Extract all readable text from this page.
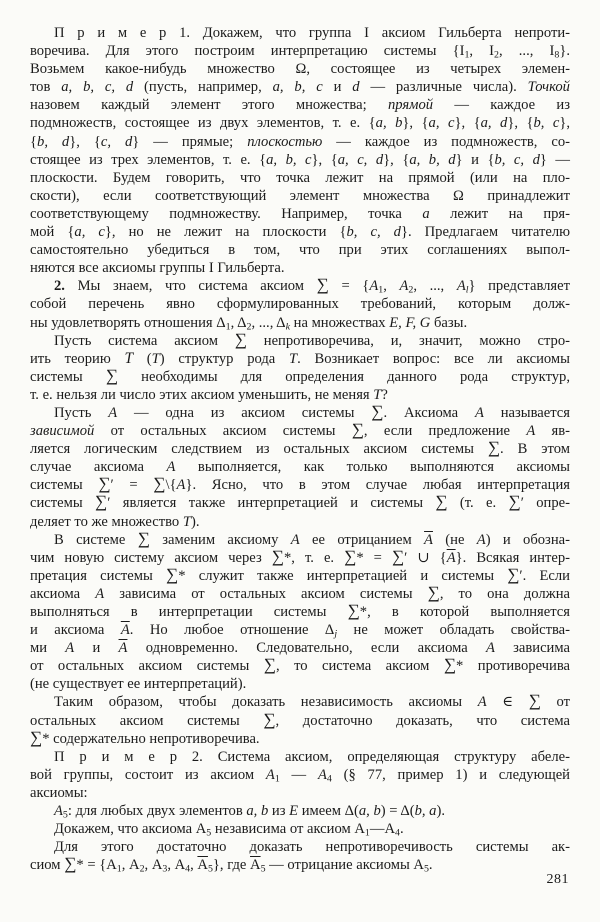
П р и м е р 1. Докажем, что группа I аксиом Гильберта непроти-
воречива. Для этого построим интерпретацию системы {$I_1$, $I_2$, ..., $I_8$}.
Возьмем какое-нибудь множество Ω, состоящее из четырех элемен-
тов a, b, c, d (пусть, например, a, b, c и d — различные числа). Точкой
назовем каждый элемент этого множества; прямой — каждое из
подмножеств, состоящее из двух элементов, т. е. {a, b}, {a, c}, {a, d}, {b, c},
{b, d}, {c, d} — прямые; плоскостью — каждое из подмножеств, со-
стоящее из трех элементов, т. е. {a, b, c}, {a, c, d}, {a, b, d} и {b, c, d} —
плоскости. Будем говорить, что точка лежит на прямой (или на пло-
скости), если соответствующий элемент множества Ω принадлежит
соответствующему подмножеству. Например, точка a лежит на пря-
мой {a, c}, но не лежит на плоскости {b, c, d}. Предлагаем читателю
самостоятельно убедиться в том, что при этих соглашениях выпол-
няются все аксиомы группы I Гильберта.
2. Мы знаем, что система аксиом ∑ = {$A_1$, $A_2$, ..., $A_l$} представляет
собой перечень явно сформулированных требований, которым долж-
ны удовлетворять отношения $\Delta_1$, $\Delta_2$, ..., $\Delta_k$ на множествах E, F, G базы.
Пусть система аксиом ∑ непротиворечива, и, значит, можно стро-
ить теорию T (T) структур рода T. Возникает вопрос: все ли аксиомы
системы ∑ необходимы для определения данного рода структур,
т. е. нельзя ли число этих аксиом уменьшить, не меняя T?
Пусть A — одна из аксиом системы ∑. Аксиома A называется
зависимой от остальных аксиом системы ∑, если предложение A яв-
ляется логическим следствием из остальных аксиом системы ∑. В этом
случае аксиома A выполняется, как только выполняются аксиомы
системы ∑′ = ∑\{A}. Ясно, что в этом случае любая интерпретация
системы ∑′ является также интерпретацией и системы ∑ (т. е. ∑′ опре-
деляет то же множество T).
В системе ∑ заменим аксиому A ее отрицанием $\overline{A}$ (не A) и обозна-
чим новую систему аксиом через ∑*, т. е. ∑* = ∑′ ∪ $\{\overline{A}\}$. Всякая интер-
претация системы ∑* служит также интерпретацией и системы ∑′. Если
аксиома A зависима от остальных аксиом системы ∑, то она должна
выполняться в интерпретации системы ∑*, в которой выполняется
и аксиома $\overline{A}$. Но любое отношение $\Delta_j$ не может обладать свойства-
ми A и $\overline{A}$ одновременно. Следовательно, если аксиома A зависима
от остальных аксиом системы ∑, то система аксиом ∑* противоречива
(не существует ее интерпретаций).
Таким образом, чтобы доказать независимость аксиомы A ∈ ∑ от
остальных аксиом системы ∑, достаточно доказать, что система
∑* содержательно непротиворечива.
П р и м е р 2. Система аксиом, определяющая структуру абеле-
вой группы, состоит из аксиом $A_1$ — $A_4$ (§ 77, пример 1) и следующей
аксиомы:
$A_5$: для любых двух элементов a, b из E имеем Δ(a, b) = Δ(b, a).
Докажем, что аксиома $А_5$ независима от аксиом $А_1—А_4$.
Для этого достаточно доказать непротиворечивость системы ак-
сиом ∑* = {$А_1$, $А_2$, $А_3$, $А_4$, $А_5$}, где $А_5$ — отрицание аксиомы $А_5$.
281
